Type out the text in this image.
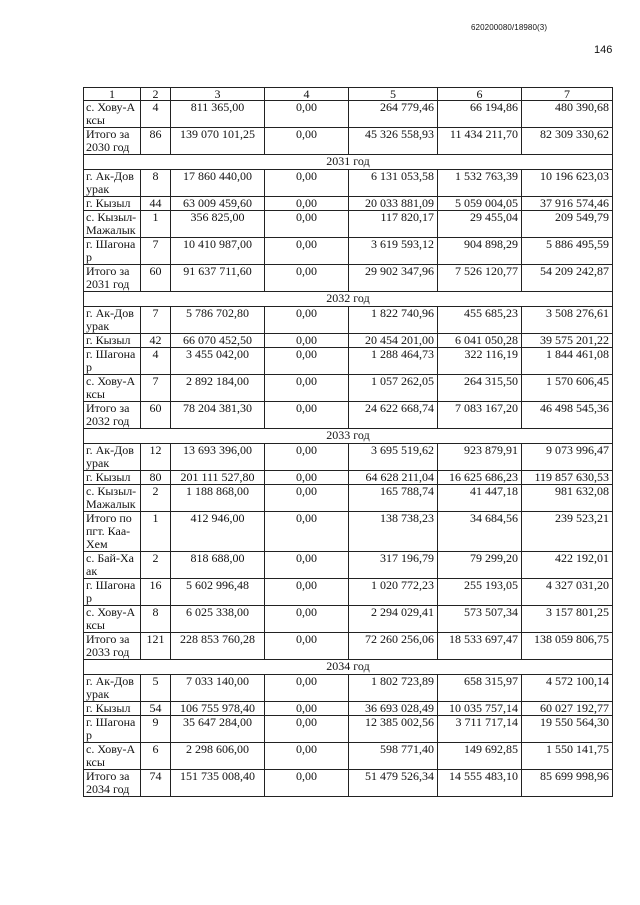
620200080/18980(3)
146
1	2	3	4	5	6	7
с. Хову-Аксы	4	811 365,00	0,00	264 779,46	66 194,86	480 390,68
Итого за 2030 год	86	139 070 101,25	0,00	45 326 558,93	11 434 211,70	82 309 330,62
2031 год						
г. Ак-Довурак	8	17 860 440,00	0,00	6 131 053,58	1 532 763,39	10 196 623,03
г. Кызыл	44	63 009 459,60	0,00	20 033 881,09	5 059 004,05	37 916 574,46
с. Кызыл-Мажалык	1	356 825,00	0,00	117 820,17	29 455,04	209 549,79
г. Шагонар	7	10 410 987,00	0,00	3 619 593,12	904 898,29	5 886 495,59
Итого за 2031 год	60	91 637 711,60	0,00	29 902 347,96	7 526 120,77	54 209 242,87
2032 год						
г. Ак-Довурак	7	5 786 702,80	0,00	1 822 740,96	455 685,23	3 508 276,61
г. Кызыл	42	66 070 452,50	0,00	20 454 201,00	6 041 050,28	39 575 201,22
г. Шагонар	4	3 455 042,00	0,00	1 288 464,73	322 116,19	1 844 461,08
с. Хову-Аксы	7	2 892 184,00	0,00	1 057 262,05	264 315,50	1 570 606,45
Итого за 2032 год	60	78 204 381,30	0,00	24 622 668,74	7 083 167,20	46 498 545,36
2033 год						
г. Ак-Довурак	12	13 693 396,00	0,00	3 695 519,62	923 879,91	9 073 996,47
г. Кызыл	80	201 111 527,80	0,00	64 628 211,04	16 625 686,23	119 857 630,53
с. Кызыл-Мажалык	2	1 188 868,00	0,00	165 788,74	41 447,18	981 632,08
Итого по пгт. Каа-Хем	1	412 946,00	0,00	138 738,23	34 684,56	239 523,21
с. Бай-Хаак	2	818 688,00	0,00	317 196,79	79 299,20	422 192,01
г. Шагонар	16	5 602 996,48	0,00	1 020 772,23	255 193,05	4 327 031,20
с. Хову-Аксы	8	6 025 338,00	0,00	2 294 029,41	573 507,34	3 157 801,25
Итого за 2033 год	121	228 853 760,28	0,00	72 260 256,06	18 533 697,47	138 059 806,75
2034 год						
г. Ак-Довурак	5	7 033 140,00	0,00	1 802 723,89	658 315,97	4 572 100,14
г. Кызыл	54	106 755 978,40	0,00	36 693 028,49	10 035 757,14	60 027 192,77
г. Шагонар	9	35 647 284,00	0,00	12 385 002,56	3 711 717,14	19 550 564,30
с. Хову-Аксы	6	2 298 606,00	0,00	598 771,40	149 692,85	1 550 141,75
Итого за 2034 год	74	151 735 008,40	0,00	51 479 526,34	14 555 483,10	85 699 998,96
